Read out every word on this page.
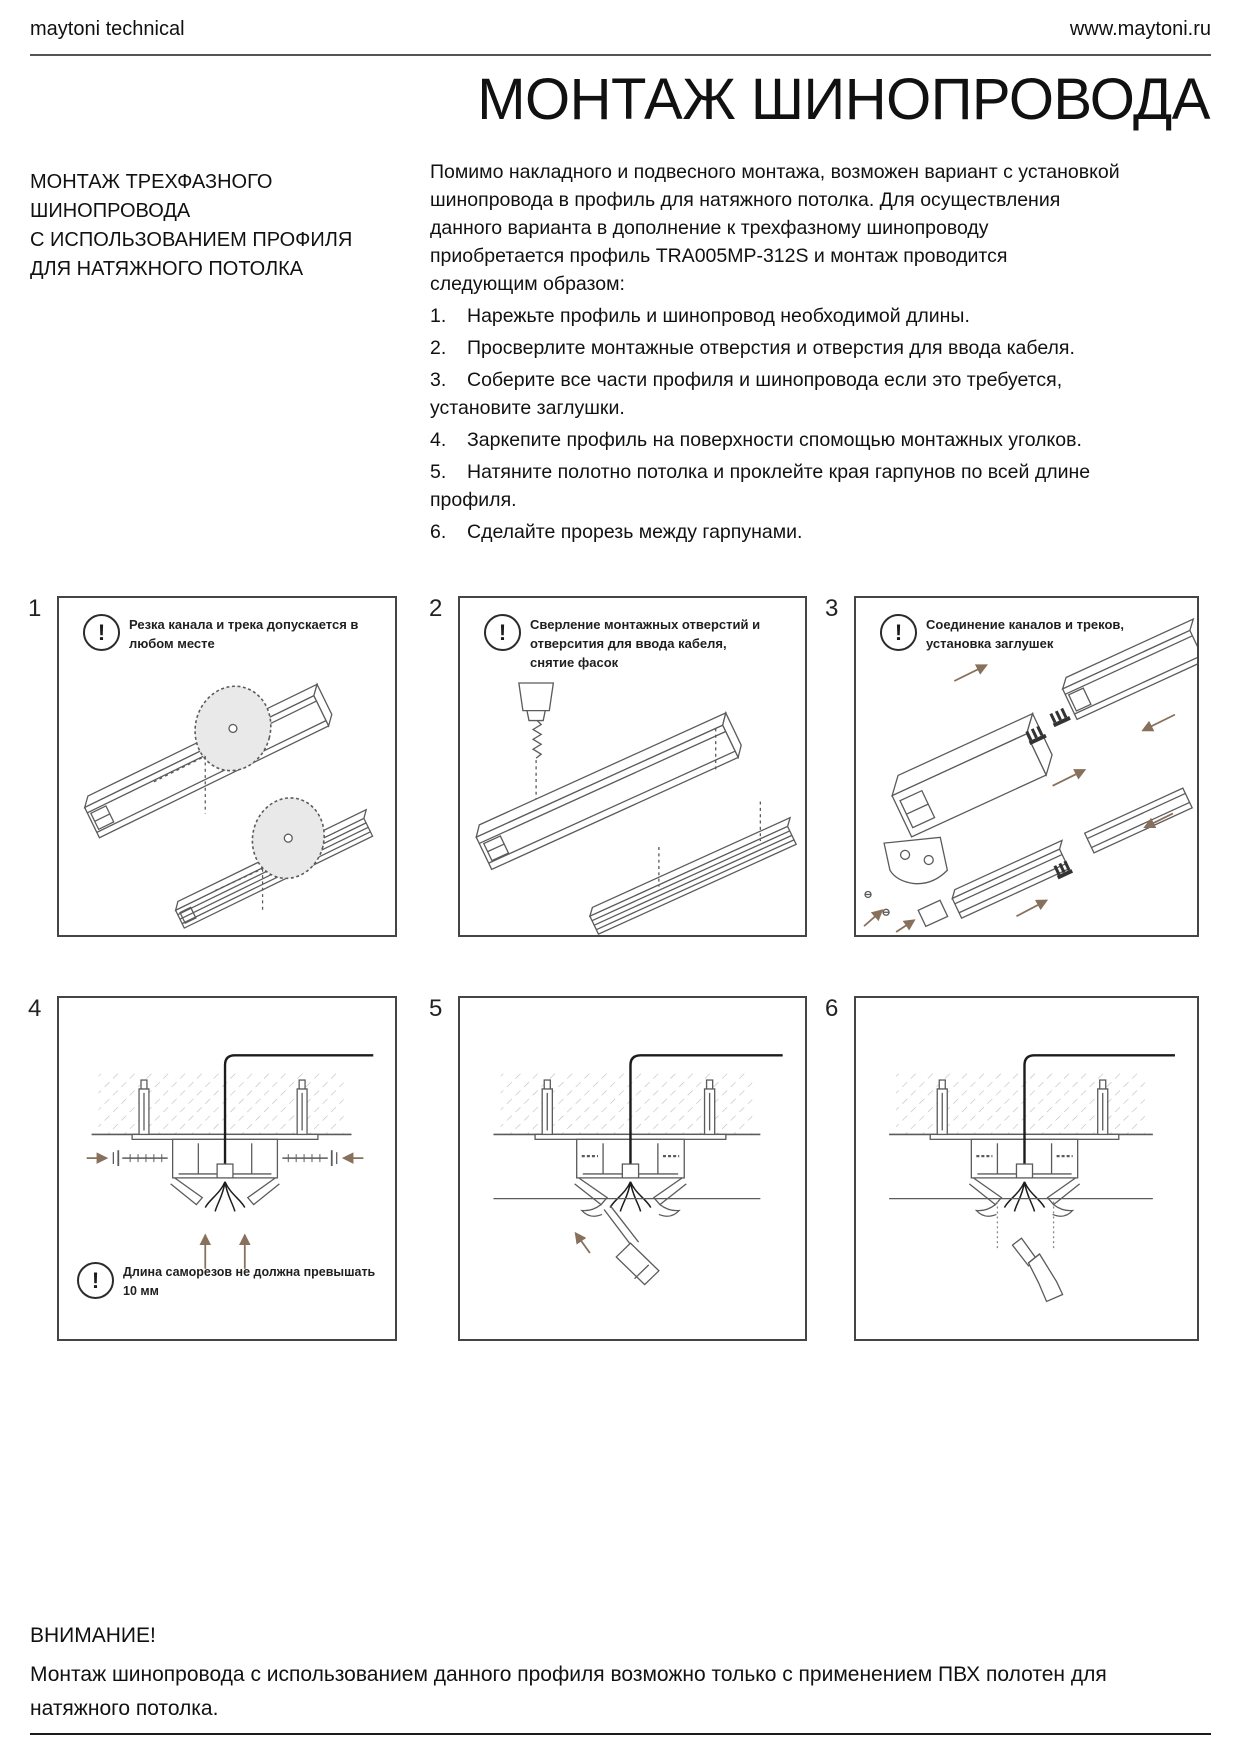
maytoni technical	www.maytoni.ru
МОНТАЖ ШИНОПРОВОДА
МОНТАЖ ТРЕХФАЗНОГО
ШИНОПРОВОДА
С ИСПОЛЬЗОВАНИЕМ ПРОФИЛЯ
ДЛЯ НАТЯЖНОГО ПОТОЛКА
Помимо накладного и подвесного монтажа, возможен вариант с установкой шинопровода в профиль для натяжного потолка. Для осуществления данного варианта в дополнение к трехфазному шинопроводу приобретается профиль TRA005MP-312S и монтаж проводится следующим образом:
1. Нарежьте профиль и шинопровод необходимой длины.
2. Просверлите монтажные отверстия и отверстия для ввода кабеля.
3. Соберите все части профиля и шинопровода если это требуется, установите заглушки.
4. Заркепите профиль на поверхности спомощью монтажных уголков.
5. Натяните полотно потолка и проклейте края гарпунов по всей длине профиля.
6. Сделайте прорезь между гарпунами.
1	2	3
4	5	6
!	Резка канала и трека допускается в любом месте	!	Сверление монтажных отверстий и отверсития для ввода кабеля, снятие фасок
!	Соединение каналов и треков, установка заглушек
!	Длина саморезов не должна превышать 10 мм
ВНИМАНИЕ!
Монтаж шинопровода с использованием данного профиля возможно только с применением ПВХ полотен для натяжного потолка.
